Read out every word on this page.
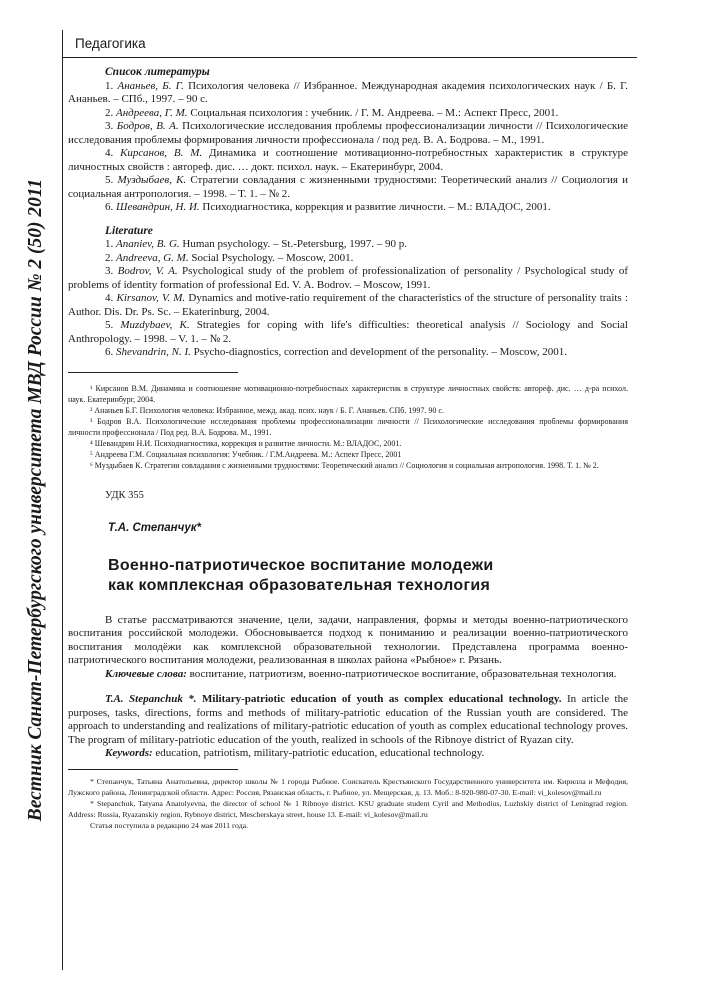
Педагогика
Вестник Санкт-Петербургского университета МВД России № 2 (50) 2011

Список литературы

1. Ананьев, Б. Г. Психология человека // Избранное. Международная академия психологических наук / Б. Г. Ананьев. – СПб., 1997. – 90 с.

2. Андреева, Г. М. Социальная психология : учебник. / Г. М. Андреева. – М.: Аспект Пресс, 2001.

3. Бодров, В. А. Психологические исследования проблемы профессионализации личности // Психологические исследования проблемы формирования личности профессионала / под ред. В. А. Бодрова. – М., 1991.

4. Кирсанов, В. М. Динамика и соотношение мотивационно-потребностных характеристик в структуре личностных свойств : автореф. дис. … докт. психол. наук. – Екатеринбург, 2004.

5. Муздыбаев, К. Стратегии совладания с жизненными трудностями: Теоретический анализ // Социология и социальная антропология. – 1998. – Т. 1. – № 2.

6. Шевандрин, Н. И. Психодиагностика, коррекция и развитие личности. – М.: ВЛАДОС, 2001.

Literature

1. Ananiev, B. G. Human psychology. – St.-Petersburg, 1997. – 90 p.

2. Andreeva, G. M. Social Psychology. – Moscow, 2001.

3. Bodrov, V. A. Psychological study of the problem of professionalization of personality / Psychological study of problems of identity formation of professional Ed. V. A. Bodrov. – Moscow, 1991.

4. Kirsanov, V. M. Dynamics and motive-ratio requirement of the characteristics of the structure of personality traits : Author. Dis. Dr. Ps. Sc. – Ekaterinburg, 2004.

5. Muzdybaev, K. Strategies for coping with life's difficulties: theoretical analysis // Sociology and Social Anthropology. – 1998. – V. 1. – № 2.

6. Shevandrin, N. I. Psycho-diagnostics, correction and development of the personality. – Moscow, 2001.

¹ Кирсанов В.М. Динамика и соотношение мотивационно-потребностных характеристик в структуре личностных свойств: автореф. дис. … д-ра психол. наук. Екатеринбург, 2004.

² Ананьев Б.Г. Психология человека: Избранное, межд. акад. псих. наук / Б. Г. Ананьев. СПб. 1997. 90 с.

³ Бодров В.А. Психологические исследования проблемы профессионализации личности // Психологические исследования проблемы формирования личности профессионала / Под ред. В.А. Бодрова. М., 1991.

⁴ Шевандрин Н.И. Психодиагностика, коррекция и развитие личности. М.: ВЛАДОС, 2001.

⁵ Андреева Г.М. Социальная психология: Учебник. / Г.М.Андреева. М.: Аспект Пресс, 2001

⁶ Муздыбаев К. Стратегии совладания с жизненными трудностями: Теоретический анализ // Социология и социальная антропология. 1998. Т. 1. № 2.

УДК 355
Т.А. Степанчук*
Военно-патриотическое воспитание молодежи
как комплексная образовательная технология

В статье рассматриваются значение, цели, задачи, направления, формы и методы военно-патриотического воспитания российской молодежи. Обосновывается подход к пониманию и реализации военно-патриотического воспитания молодёжи как комплексной образовательной технологии. Представлена программа военно-патриотического воспитания молодежи, реализованная в школах района «Рыбное» г. Рязань.

Ключевые слова: воспитание, патриотизм, военно-патриотическое воспитание, образовательная технология.

T.A. Stepanchuk *. Military-patriotic education of youth as complex educational technology. In article the purposes, tasks, directions, forms and methods of military-patriotic education of the Russian youth are considered. The approach to understanding and realizations of military-patriotic education of youth as complex educational technology proves. The program of military-patriotic education of the youth, realized in schools of the Ribnoye district of Ryazan city.

Keywords: education, patriotism, military-patriotic education, educational technology.

* Степанчук, Татьяна Анатольевна, директор школы № 1 города Рыбное. Соискатель Крестьянского Государственного университета им. Кирилла и Мефодия, Лужского района, Ленинградской области. Адрес: Россия, Рязанская область, г. Рыбное, ул. Мещерская, д. 13. Моб.: 8-920-980-07-30. E-mail: vi_kolesov@mail.ru

* Stepanchuk, Tatyana Anatolyevna, the director of school № 1 Ribnoye district. KSU graduate student Cyril and Methodius, Luzhskiy district of Leningrad region. Address: Russia, Ryazanskiy region, Rybnoye district, Mescherskaya street, house 13. E-mail: vi_kolesov@mail.ru

Статья поступила в редакцию 24 мая 2011 года.
